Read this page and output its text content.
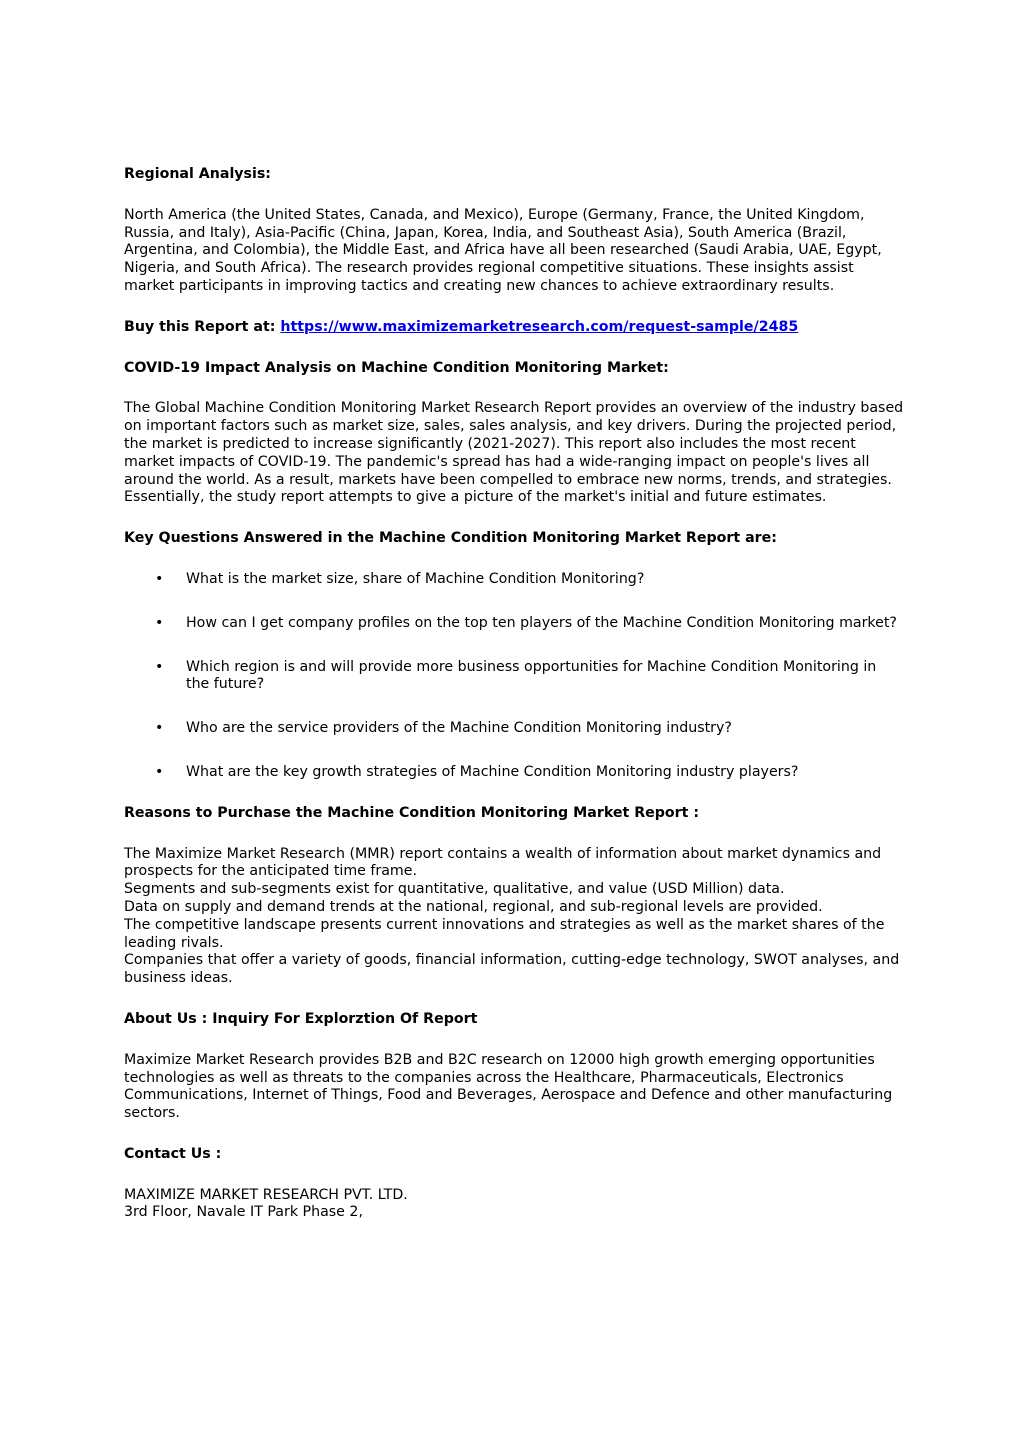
Regional Analysis:
North America (the United States, Canada, and Mexico), Europe (Germany, France, the United Kingdom, Russia, and Italy), Asia-Pacific (China, Japan, Korea, India, and Southeast Asia), South America (Brazil, Argentina, and Colombia), the Middle East, and Africa have all been researched (Saudi Arabia, UAE, Egypt, Nigeria, and South Africa). The research provides regional competitive situations. These insights assist market participants in improving tactics and creating new chances to achieve extraordinary results.
Buy this Report at: https://www.maximizemarketresearch.com/request-sample/2485
COVID-19 Impact Analysis on Machine Condition Monitoring Market:
The Global Machine Condition Monitoring Market Research Report provides an overview of the industry based on important factors such as market size, sales, sales analysis, and key drivers. During the projected period, the market is predicted to increase significantly (2021-2027). This report also includes the most recent market impacts of COVID-19. The pandemic's spread has had a wide-ranging impact on people's lives all around the world. As a result, markets have been compelled to embrace new norms, trends, and strategies. Essentially, the study report attempts to give a picture of the market's initial and future estimates.
Key Questions Answered in the Machine Condition Monitoring Market Report are:
• What is the market size, share of Machine Condition Monitoring?
• How can I get company profiles on the top ten players of the Machine Condition Monitoring market?
• Which region is and will provide more business opportunities for Machine Condition Monitoring in the future?
• Who are the service providers of the Machine Condition Monitoring industry?
• What are the key growth strategies of Machine Condition Monitoring industry players?
Reasons to Purchase the Machine Condition Monitoring Market Report :
The Maximize Market Research (MMR) report contains a wealth of information about market dynamics and prospects for the anticipated time frame.
Segments and sub-segments exist for quantitative, qualitative, and value (USD Million) data.
Data on supply and demand trends at the national, regional, and sub-regional levels are provided.
The competitive landscape presents current innovations and strategies as well as the market shares of the leading rivals.
Companies that offer a variety of goods, financial information, cutting-edge technology, SWOT analyses, and business ideas.
About Us : Inquiry For Explorztion Of Report
Maximize Market Research provides B2B and B2C research on 12000 high growth emerging opportunities technologies as well as threats to the companies across the Healthcare, Pharmaceuticals, Electronics Communications, Internet of Things, Food and Beverages, Aerospace and Defence and other manufacturing sectors.
Contact Us :
MAXIMIZE MARKET RESEARCH PVT. LTD.
3rd Floor, Navale IT Park Phase 2,
